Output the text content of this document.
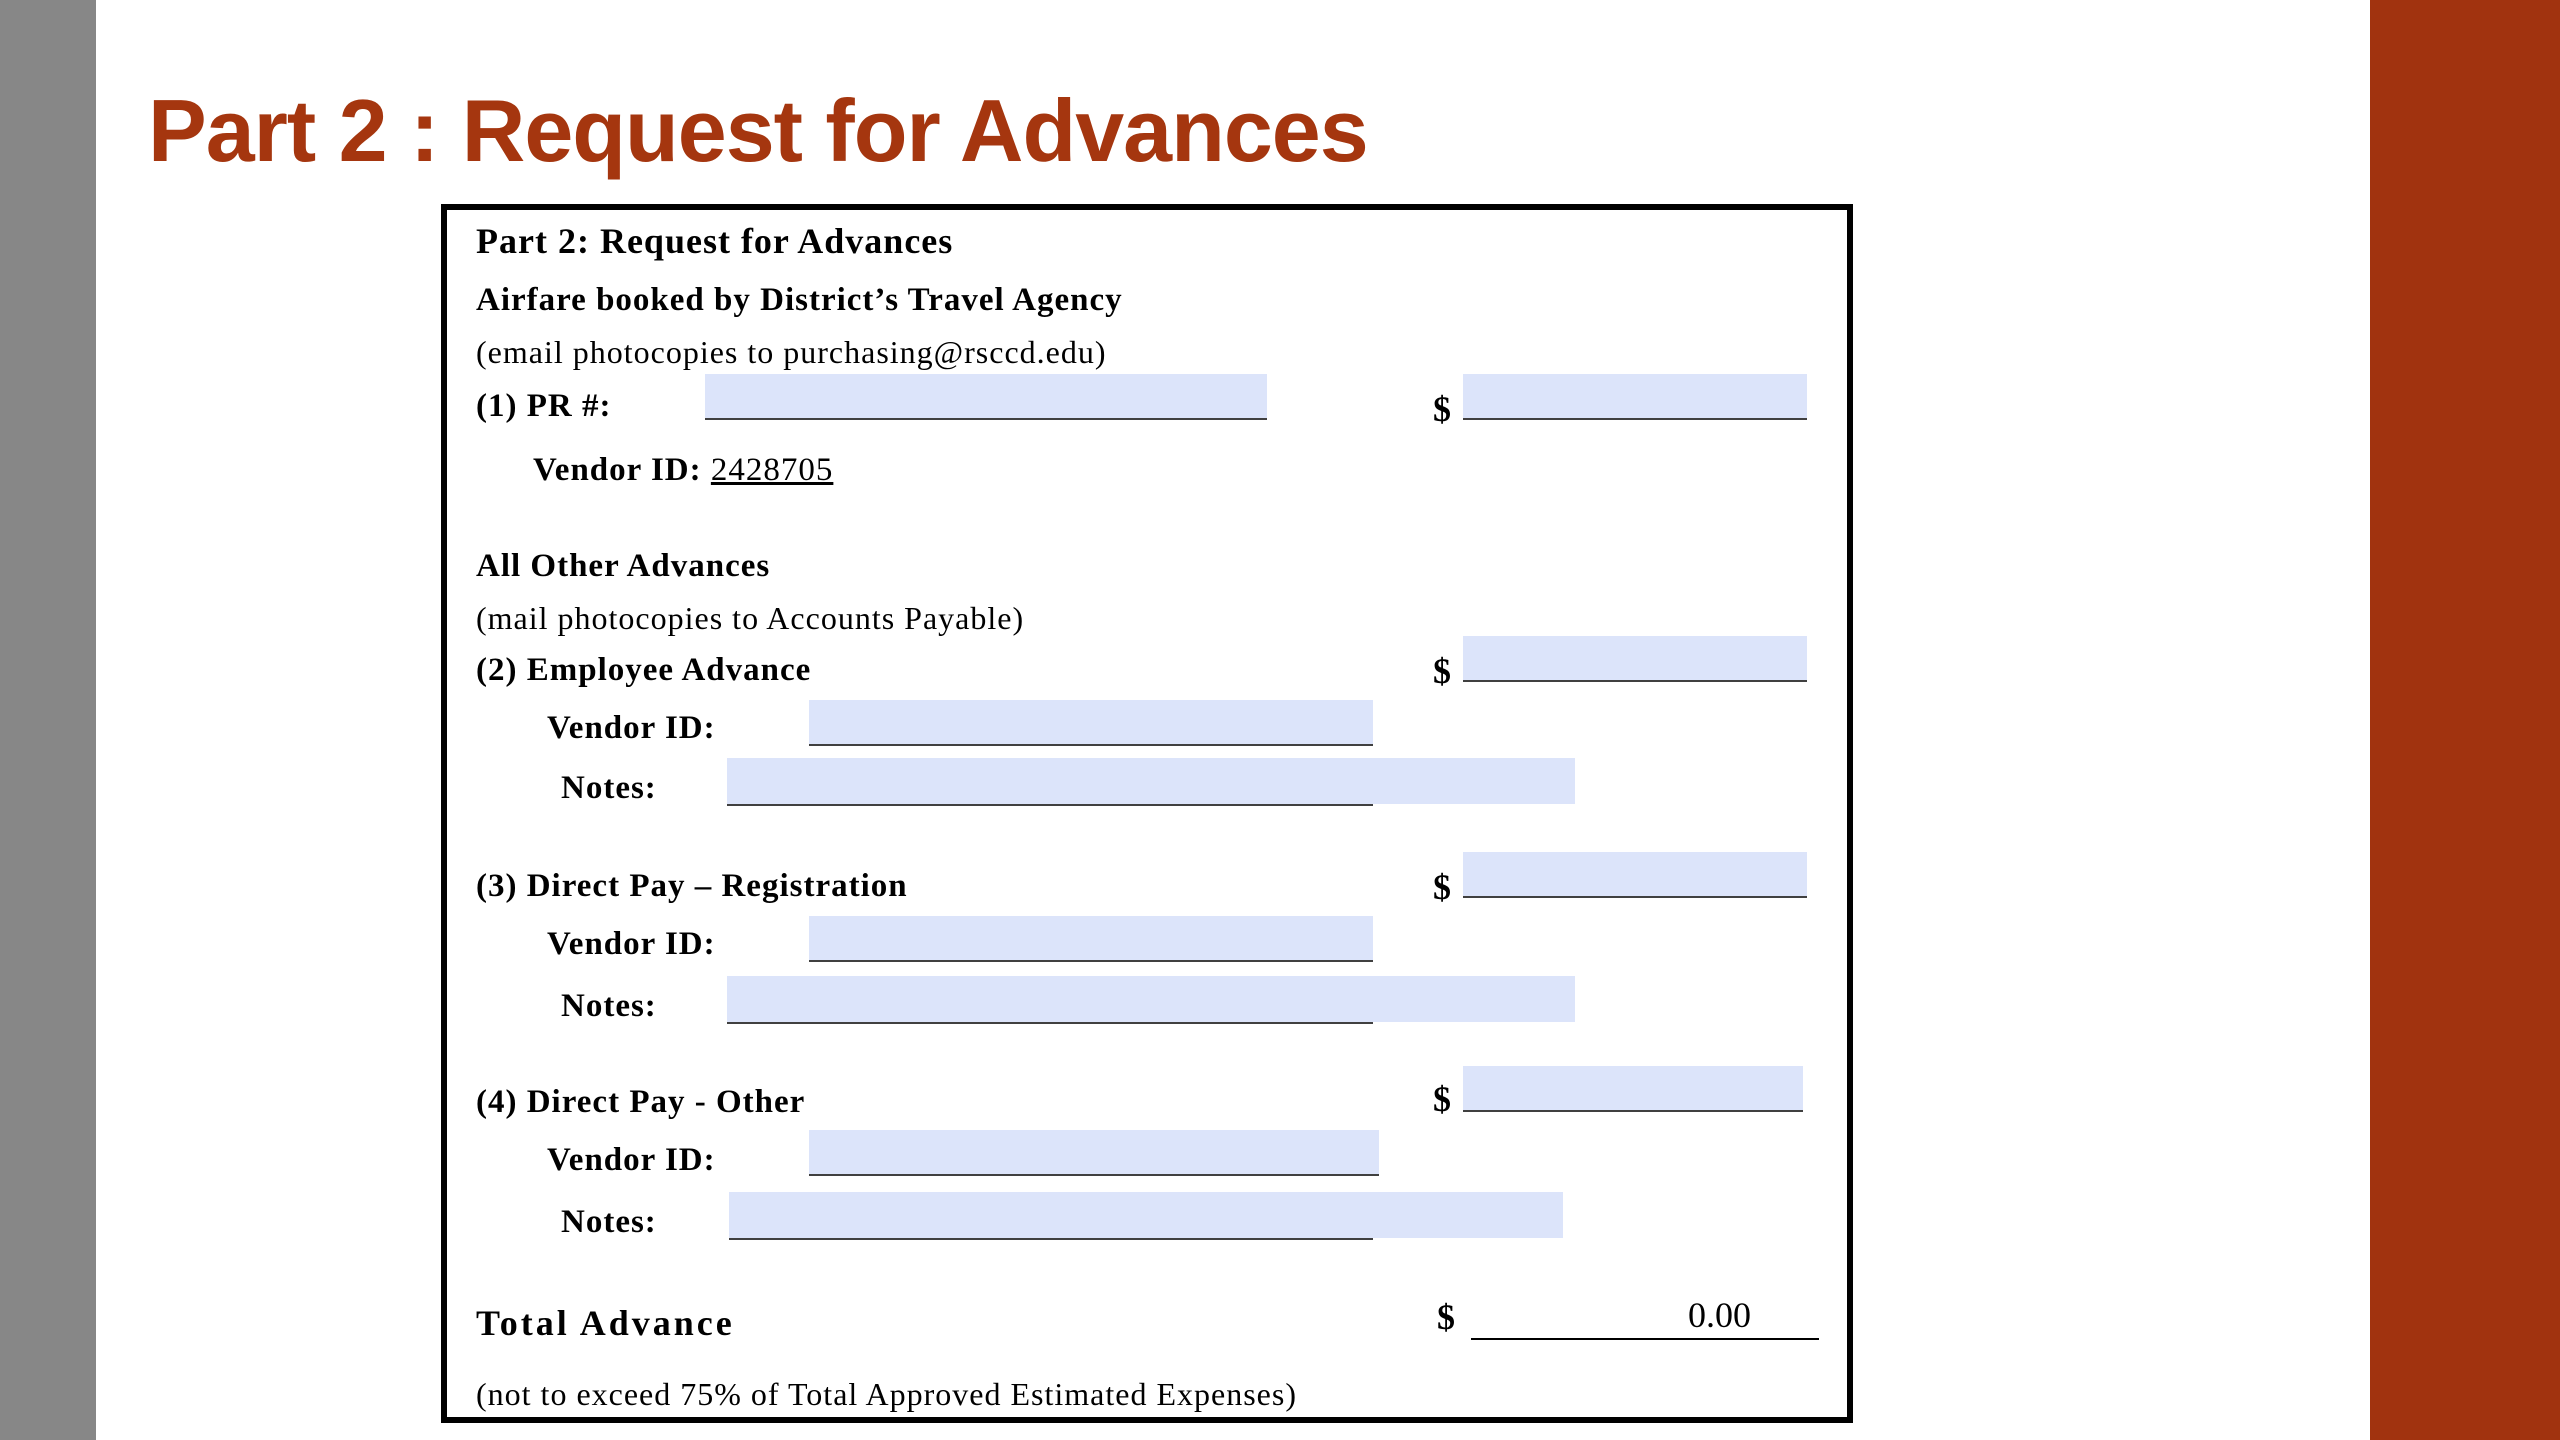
Part 2 : Request for Advances
Part 2: Request for Advances
Airfare booked by District’s Travel Agency
(email photocopies to purchasing@rsccd.edu)
(1) PR #:	$
Vendor ID: 2428705
All Other Advances
(mail photocopies to Accounts Payable)
(2) Employee Advance	$
Vendor ID:
Notes:
(3) Direct Pay – Registration	$
Vendor ID:
Notes:
(4) Direct Pay - Other	$
Vendor ID:
Notes:
Total Advance	$	0.00
(not to exceed 75% of Total Approved Estimated Expenses)
